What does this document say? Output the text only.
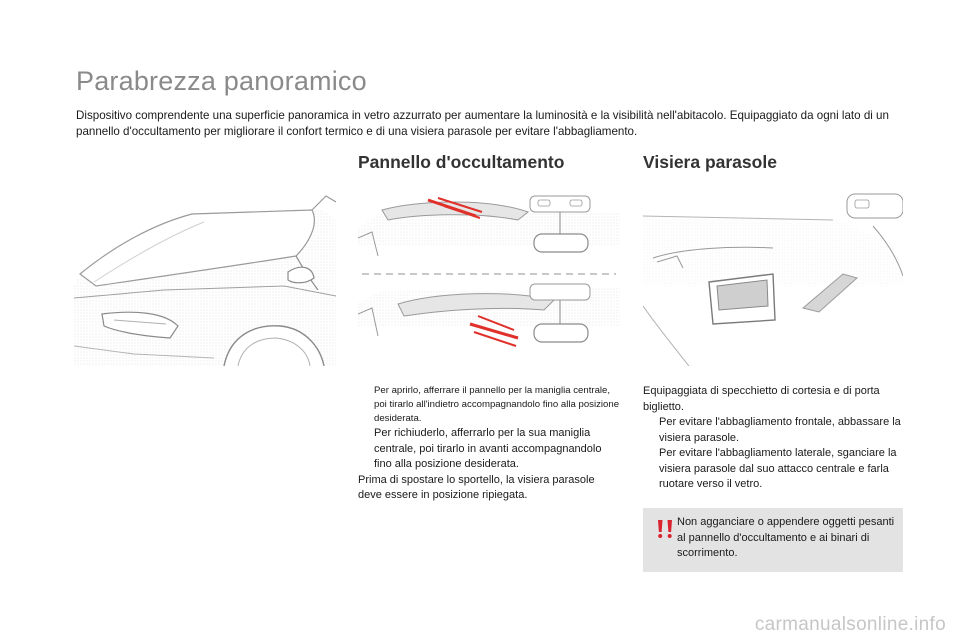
Parabrezza panoramico

Dispositivo comprendente una superficie panoramica in vetro azzurrato per aumentare la luminosità e la visibilità nell'abitacolo. Equipaggiato da ogni lato di un pannello d'occultamento per migliorare il confort termico e di una visiera parasole per evitare l'abbagliamento.

Pannello d'occultamento	Visiera parasole
Per aprirlo, afferrare il pannello per la maniglia centrale, poi tirarlo all'indietro accompagnandolo fino alla posizione desiderata.
Per richiuderlo, afferrarlo per la sua maniglia centrale, poi tirarlo in avanti accompagnandolo fino alla posizione desiderata.

Prima di spostare lo sportello, la visiera parasole deve essere in posizione ripiegata.

Equipaggiata di specchietto di cortesia e di porta biglietto.

Per evitare l'abbagliamento frontale, abbassare la visiera parasole.
Per evitare l'abbagliamento laterale, sganciare la visiera parasole dal suo attacco centrale e farla ruotare verso il vetro.
Non agganciare o appendere oggetti pesanti al pannello d'occultamento e ai binari di scorrimento.
carmanualsonline.info
